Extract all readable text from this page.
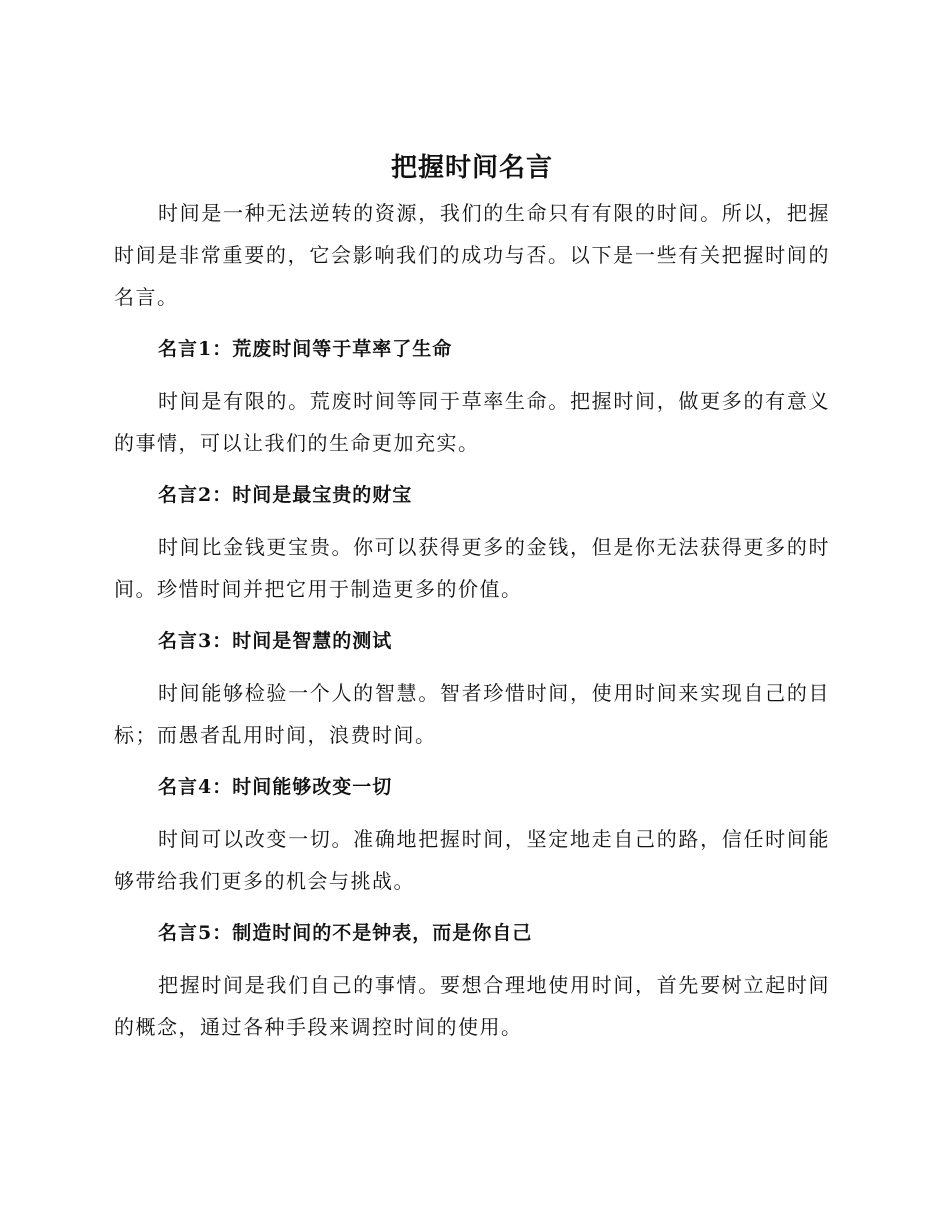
把握时间名言

时间是一种无法逆转的资源，我们的生命只有有限的时间。所以，把握时间是非常重要的，它会影响我们的成功与否。以下是一些有关把握时间的名言。

名言1：荒废时间等于草率了生命

时间是有限的。荒废时间等同于草率生命。把握时间，做更多的有意义的事情，可以让我们的生命更加充实。

名言2：时间是最宝贵的财宝

时间比金钱更宝贵。你可以获得更多的金钱，但是你无法获得更多的时间。珍惜时间并把它用于制造更多的价值。

名言3：时间是智慧的测试

时间能够检验一个人的智慧。智者珍惜时间，使用时间来实现自己的目标；而愚者乱用时间，浪费时间。

名言4：时间能够改变一切

时间可以改变一切。准确地把握时间，坚定地走自己的路，信任时间能够带给我们更多的机会与挑战。

名言5：制造时间的不是钟表，而是你自己

把握时间是我们自己的事情。要想合理地使用时间，首先要树立起时间的概念，通过各种手段来调控时间的使用。
